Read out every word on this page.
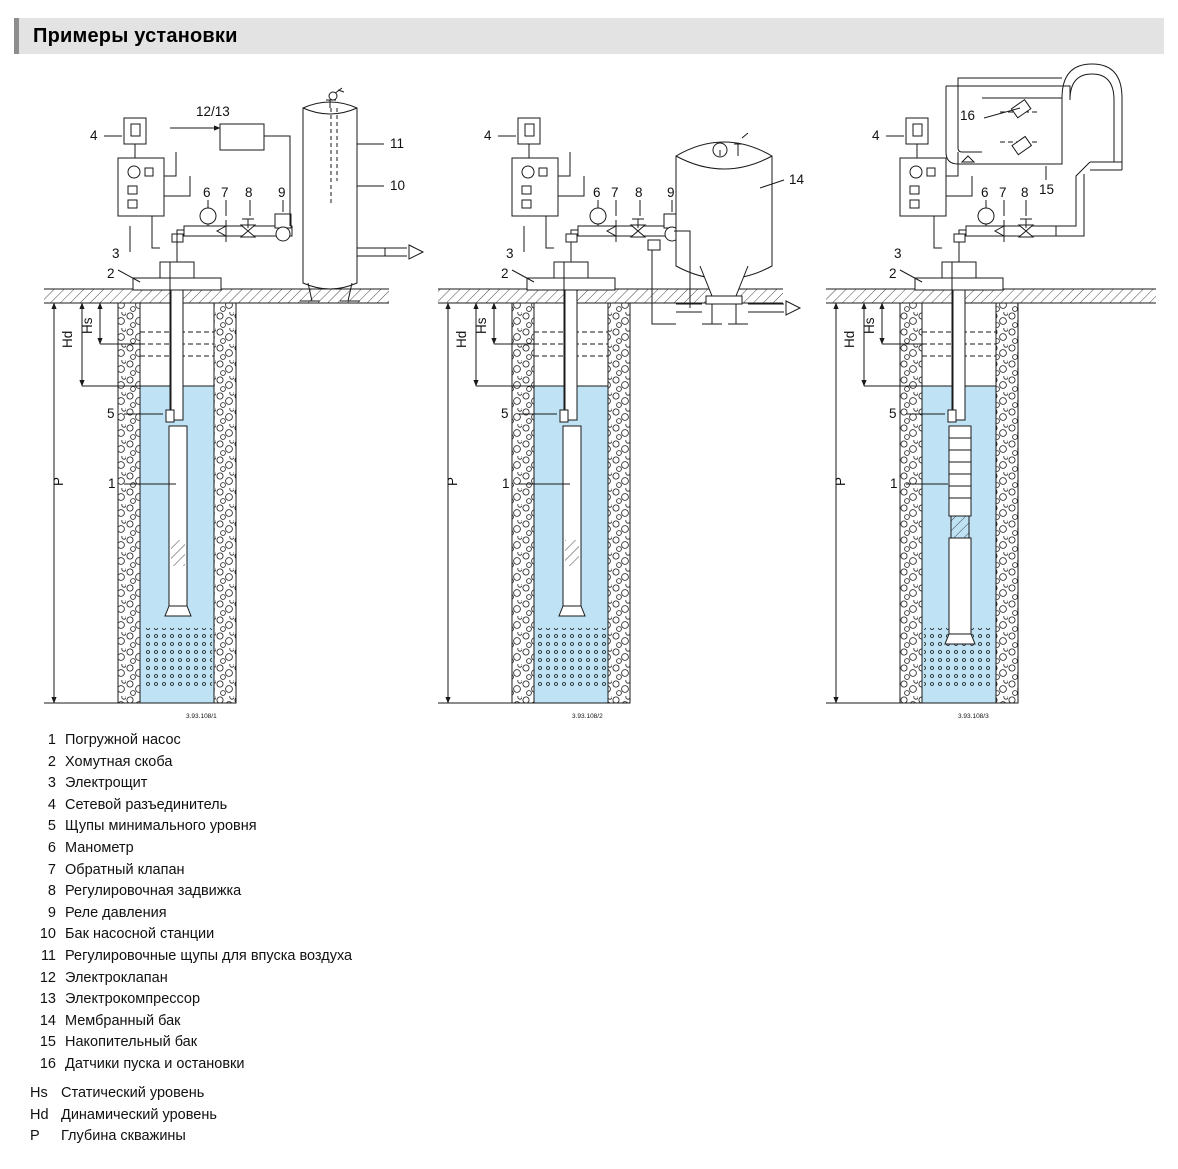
Примеры установки
4
12/13
11
10
3
6 7 8 9
2
5
1
P
Hd
Hs
3.93.108/1
4
14
3
6 7 8 9
2
5
1
P
Hd
Hs
3.93.108/2
4
16
15
3
6 7 8
2
5
1
P
Hd
Hs
3.93.108/3
1 Погружной насос
2 Хомутная скоба
3 Электрощит
4 Сетевой разъединитель
5 Щупы минимального уровня
6 Манометр
7 Обратный клапан
8 Регулировочная задвижка
9 Реле давления
10 Бак насосной станции
11 Регулировочные щупы для впуска воздуха
12 Электроклапан
13 Электрокомпрессор
14 Мембранный бак
15 Накопительный бак
16 Датчики пуска и остановки
Hs Статический уровень
Hd Динамический уровень
P	Глубина скважины
